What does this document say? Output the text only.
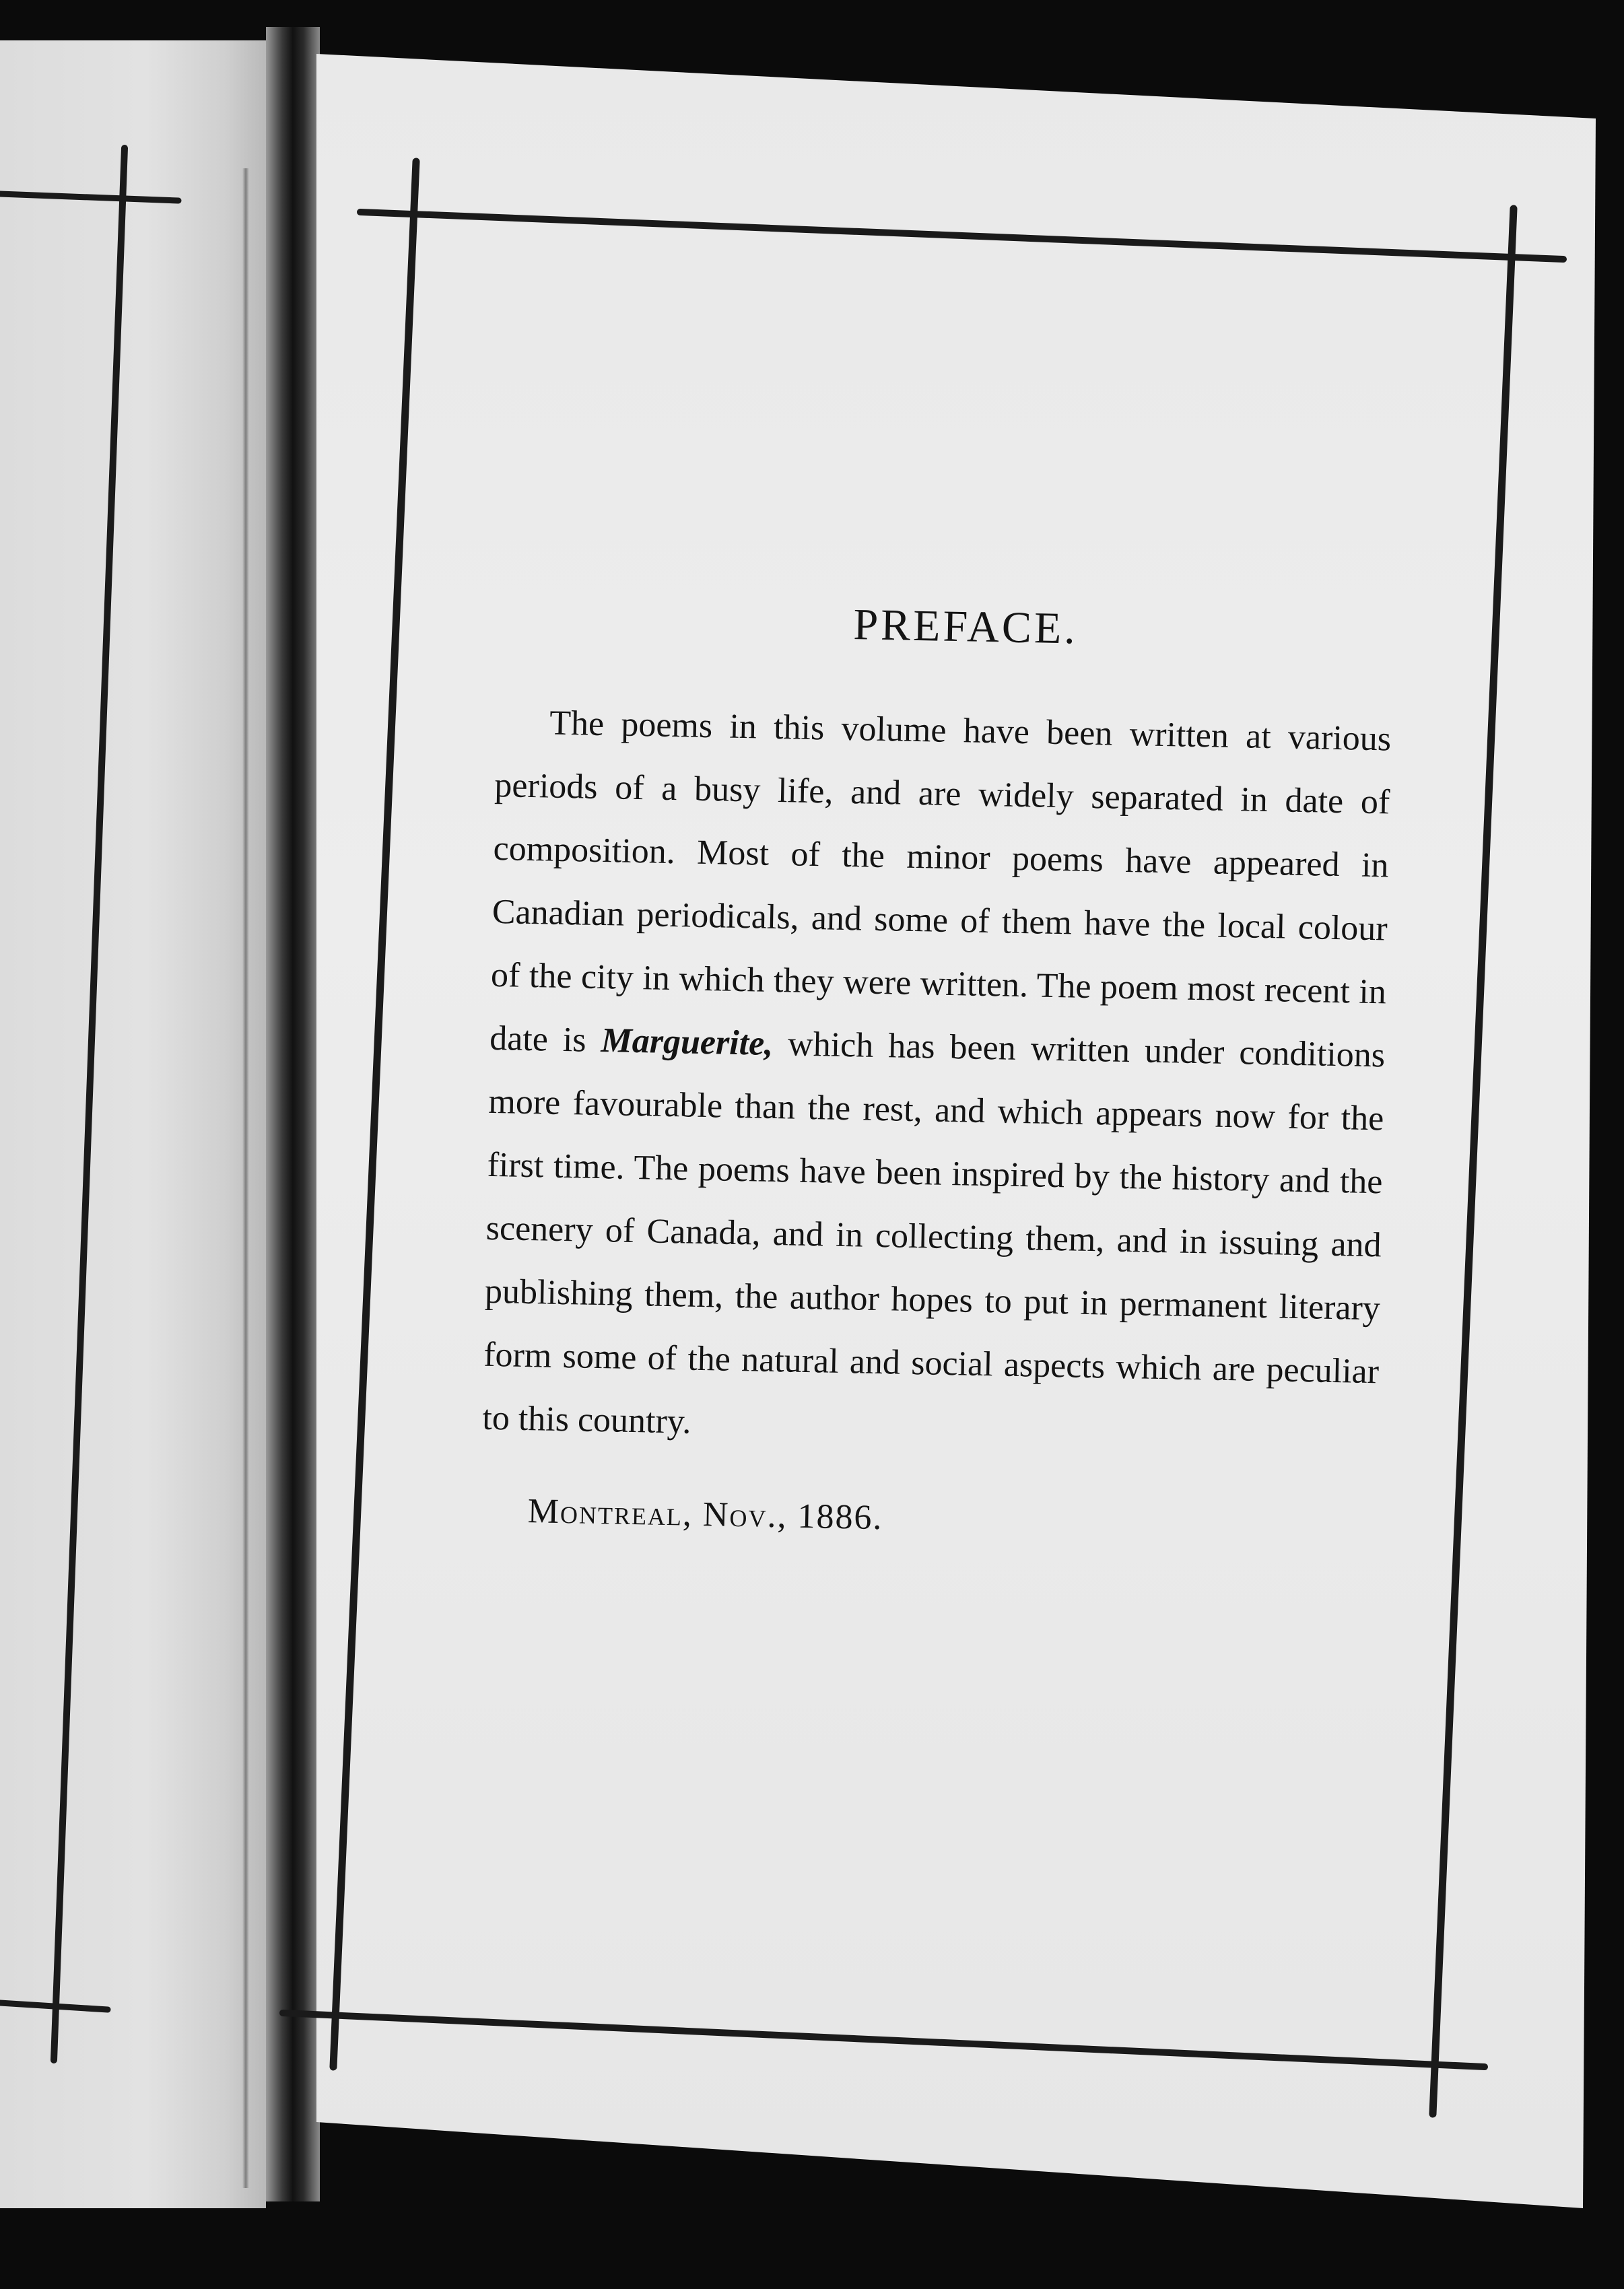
PREFACE.

The poems in this volume have been written at various periods of a busy life, and are widely separated in date of composition. Most of the minor poems have appeared in Canadian periodicals, and some of them have the local colour of the city in which they were written. The poem most recent in date is Marguerite, which has been written under conditions more favourable than the rest, and which appears now for the first time. The poems have been inspired by the history and the scenery of Canada, and in collecting them, and in issuing and publishing them, the author hopes to put in permanent literary form some of the natural and social aspects which are peculiar to this country.

Montreal, Nov., 1886.
